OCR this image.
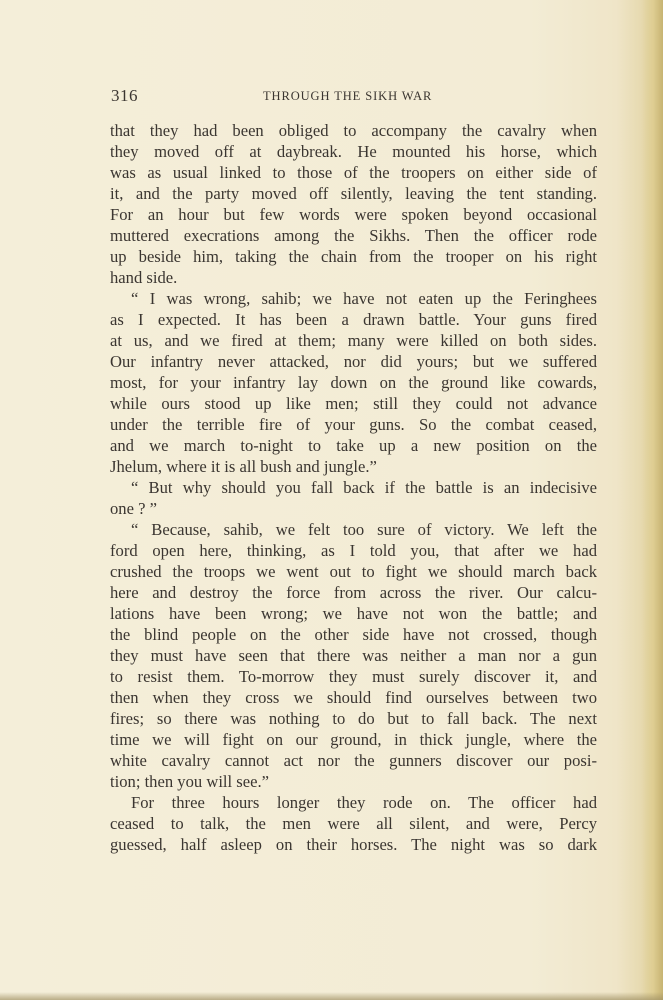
316	THROUGH THE SIKH WAR
that they had been obliged to accompany the cavalry when
they moved off at daybreak. He mounted his horse, which
was as usual linked to those of the troopers on either side of
it, and the party moved off silently, leaving the tent standing.
For an hour but few words were spoken beyond occasional
muttered execrations among the Sikhs. Then the officer rode
up beside him, taking the chain from the trooper on his right
hand side.
“ I was wrong, sahib; we have not eaten up the Feringhees
as I expected. It has been a drawn battle. Your guns fired
at us, and we fired at them; many were killed on both sides.
Our infantry never attacked, nor did yours; but we suffered
most, for your infantry lay down on the ground like cowards,
while ours stood up like men; still they could not advance
under the terrible fire of your guns. So the combat ceased,
and we march to-night to take up a new position on the
Jhelum, where it is all bush and jungle.”
“ But why should you fall back if the battle is an indecisive
one ? ”
“ Because, sahib, we felt too sure of victory. We left the
ford open here, thinking, as I told you, that after we had
crushed the troops we went out to fight we should march back
here and destroy the force from across the river. Our calcu-
lations have been wrong; we have not won the battle; and
the blind people on the other side have not crossed, though
they must have seen that there was neither a man nor a gun
to resist them. To-morrow they must surely discover it, and
then when they cross we should find ourselves between two
fires; so there was nothing to do but to fall back. The next
time we will fight on our ground, in thick jungle, where the
white cavalry cannot act nor the gunners discover our posi-
tion; then you will see.”
For three hours longer they rode on. The officer had
ceased to talk, the men were all silent, and were, Percy
guessed, half asleep on their horses. The night was so dark
